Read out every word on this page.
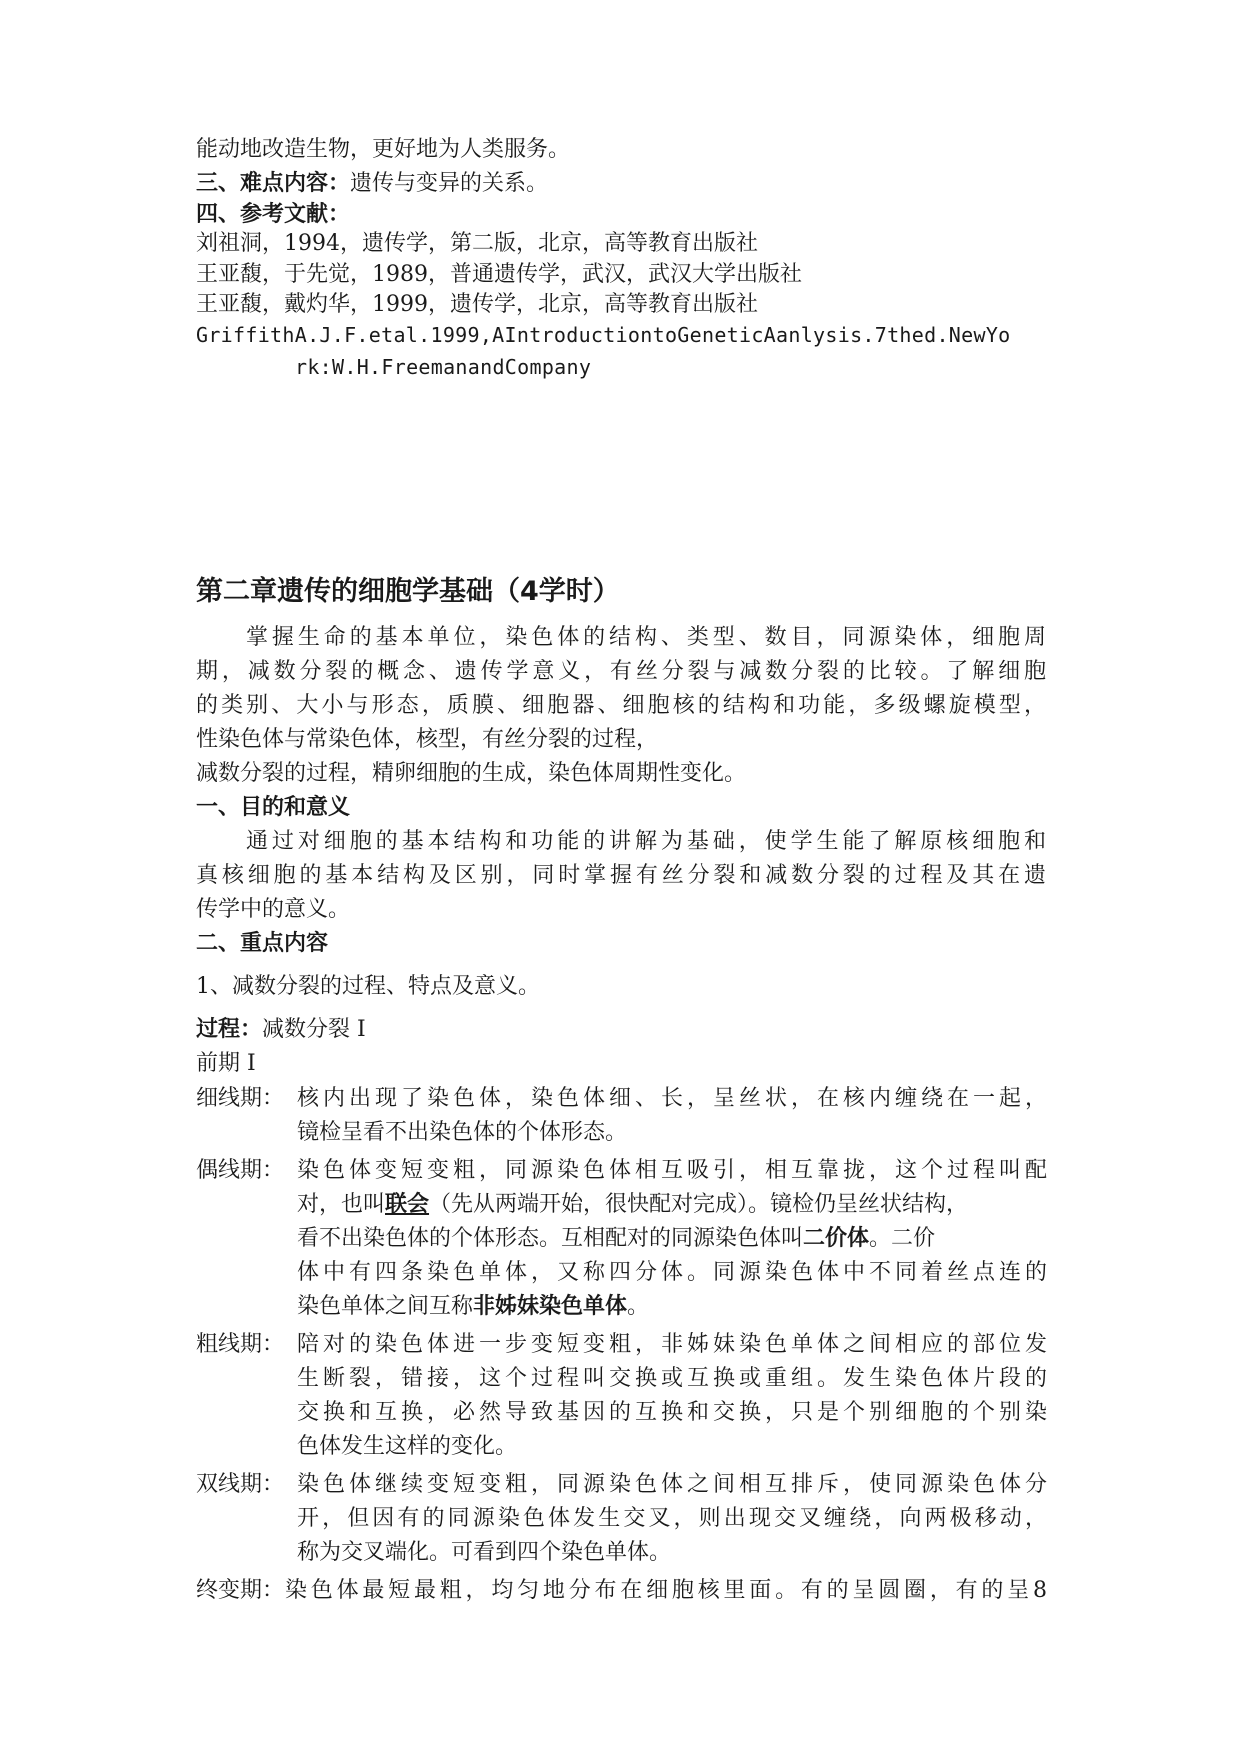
能动地改造生物，更好地为人类服务。
三、难点内容：遗传与变异的关系。
四、参考文献：
刘祖洞，1994，遗传学，第二版，北京，高等教育出版社
王亚馥，于先觉，1989，普通遗传学，武汉，武汉大学出版社
王亚馥，戴灼华，1999，遗传学，北京，高等教育出版社
GriffithA.J.F.etal.1999,AIntroductiontoGeneticAanlysis.7thed.NewYo
rk:W.H.FreemanandCompany
第二章遗传的细胞学基础（4学时）
掌握生命的基本单位，染色体的结构、类型、数目，同源染体，细胞周
期，减数分裂的概念、遗传学意义，有丝分裂与减数分裂的比较。了解细胞
的类别、大小与形态，质膜、细胞器、细胞核的结构和功能，多级螺旋模型，
性染色体与常染色体，核型，有丝分裂的过程，
减数分裂的过程，精卵细胞的生成，染色体周期性变化。
一、目的和意义
通过对细胞的基本结构和功能的讲解为基础，使学生能了解原核细胞和
真核细胞的基本结构及区别，同时掌握有丝分裂和减数分裂的过程及其在遗
传学中的意义。
二、重点内容
1、减数分裂的过程、特点及意义。
过程：减数分裂 I
前期 I
细线期： 核内出现了染色体，染色体细、长，呈丝状，在核内缠绕在一起，
镜检呈看不出染色体的个体形态。
偶线期： 染色体变短变粗，同源染色体相互吸引，相互靠拢，这个过程叫配
对，也叫联会（先从两端开始，很快配对完成）。镜检仍呈丝状结构，
看不出染色体的个体形态。互相配对的同源染色体叫二价体。二价
体中有四条染色单体，又称四分体。同源染色体中不同着丝点连的
染色单体之间互称非姊妹染色单体。
粗线期： 陪对的染色体进一步变短变粗，非姊妹染色单体之间相应的部位发
生断裂，错接，这个过程叫交换或互换或重组。发生染色体片段的
交换和互换，必然导致基因的互换和交换，只是个别细胞的个别染
色体发生这样的变化。
双线期： 染色体继续变短变粗，同源染色体之间相互排斥，使同源染色体分
开，但因有的同源染色体发生交叉，则出现交叉缠绕，向两极移动，
称为交叉端化。可看到四个染色单体。
终变期： 染色体最短最粗，均匀地分布在细胞核里面。有的呈圆圈，有的呈8
